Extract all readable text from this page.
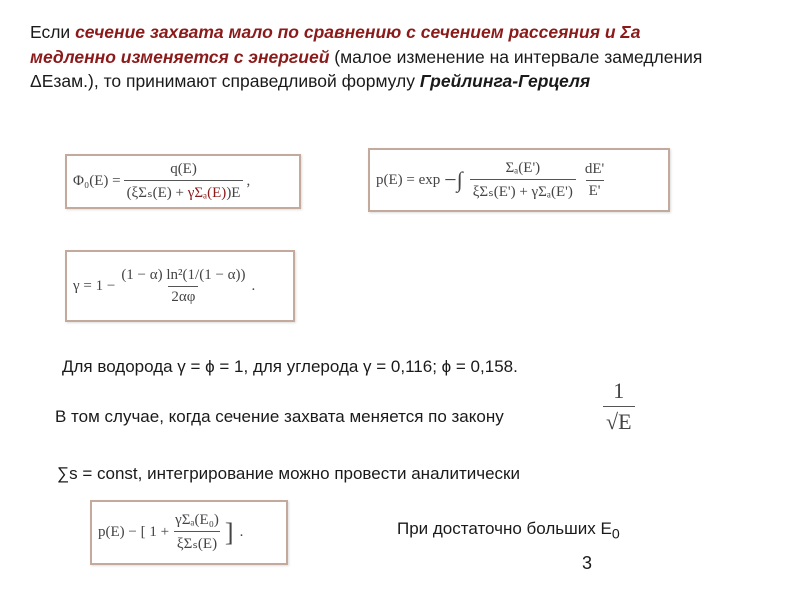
Если сечение захвата мало по сравнению с сечением рассеяния и Σа медленно изменяется с энергией (малое изменение на интервале замедления ΔЕзам.), то принимают справедливой формулу Грейлинга-Герцеля
$\Phi_0(E) = \frac{q(E)}{\text{(ξΣₛ(E) + γΣₐ(E))E}}$ ,	p(E) = exp −∫ $\frac{\text{Σₐ(E')}}{\text{ξΣₛ(E') + γΣₐ(E')}} \frac{dE'}{E'}$
$\gamma = 1 - \frac{\text{(1 − α) ln²(1/(1 − α))}}{2\alpha\varphi}$ .
Для водорода γ = ϕ = 1, для углерода γ = 0,116; ϕ = 0,158.
В том случае, когда сечение захвата меняется по закону	$\frac{1}{√E}$
∑s = const, интегрирование можно провести аналитически
p(E) − [ $1 + \frac{\text{γΣₐ(E₀)}}{\text{ξΣₛ(E)}}$ ] .	При достаточно больших $E_0$
3
